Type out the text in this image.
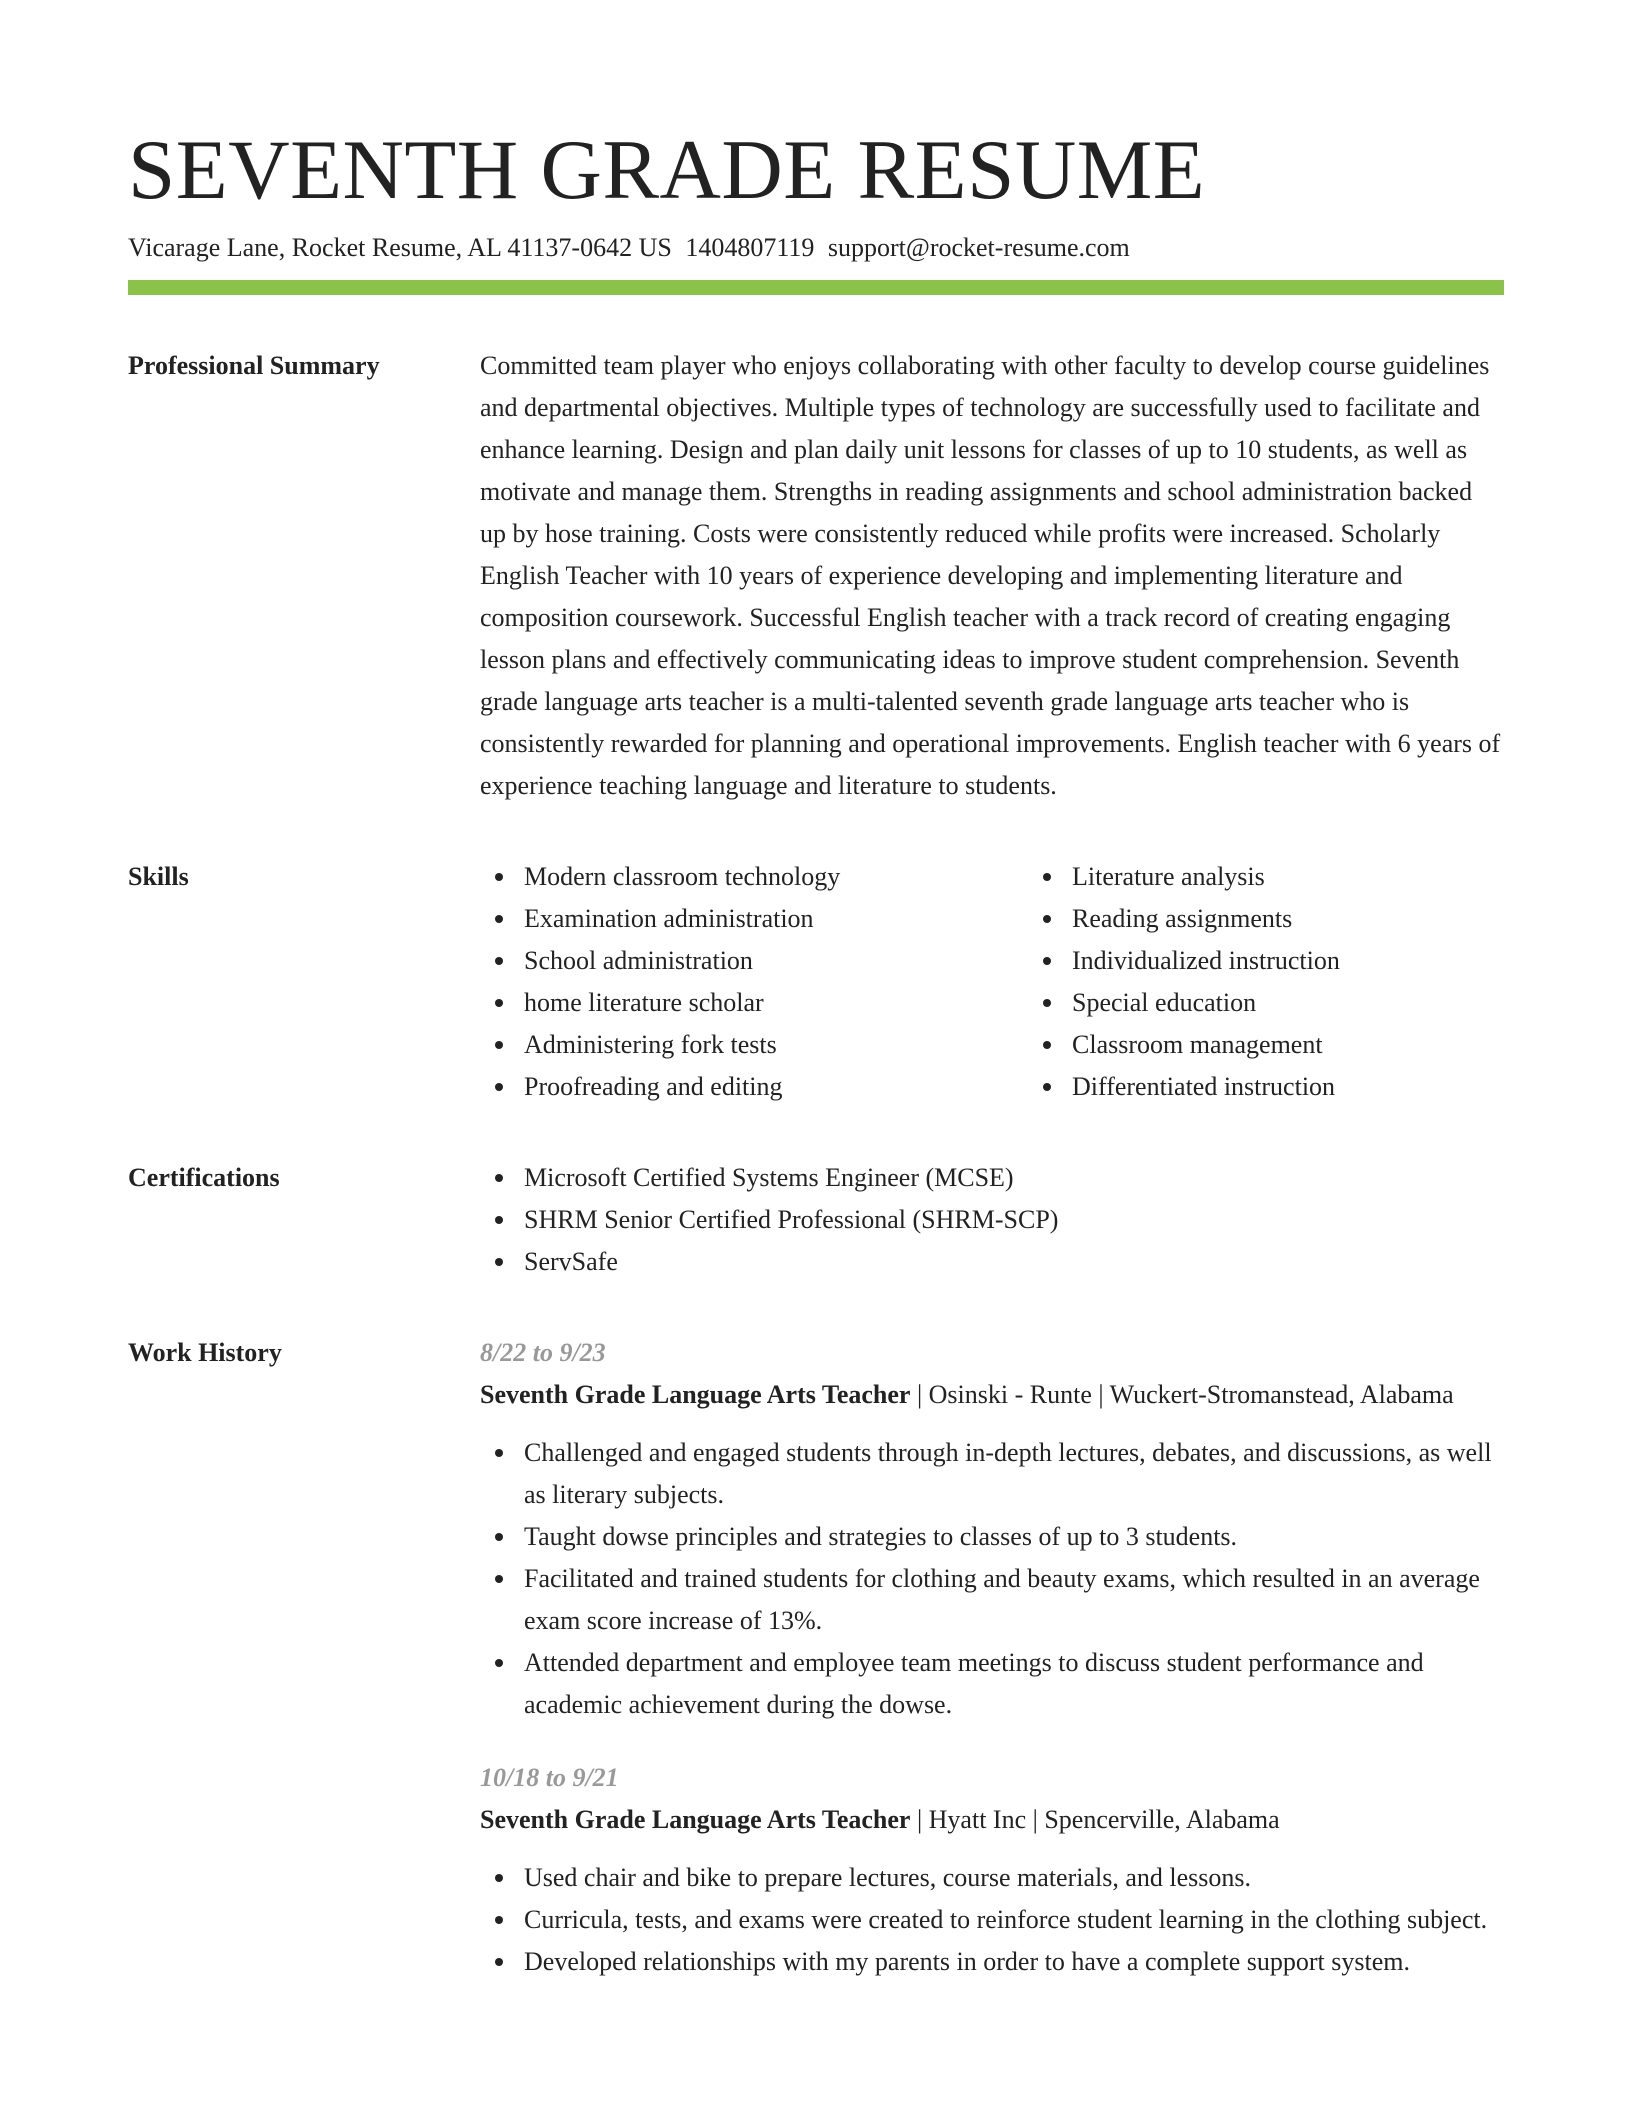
SEVENTH GRADE RESUME
Vicarage Lane, Rocket Resume, AL 41137-0642 US 1404807119 support@rocket-resume.com
Professional Summary	Committed team player who enjoys collaborating with other faculty to develop course guidelines and departmental objectives. Multiple types of technology are successfully used to facilitate and enhance learning. Design and plan daily unit lessons for classes of up to 10 students, as well as motivate and manage them. Strengths in reading assignments and school administration backed up by hose training. Costs were consistently reduced while profits were increased. Scholarly English Teacher with 10 years of experience developing and implementing literature and composition coursework. Successful English teacher with a track record of creating engaging lesson plans and effectively communicating ideas to improve student comprehension. Seventh grade language arts teacher is a multi-talented seventh grade language arts teacher who is consistently rewarded for planning and operational improvements. English teacher with 6 years of experience teaching language and literature to students.

Skills	Modern classroom technology
Examination administration
School administration
home literature scholar
Administering fork tests
Proofreading and editing
Literature analysis
Reading assignments
Individualized instruction
Special education
Classroom management
Differentiated instruction
Certifications	Microsoft Certified Systems Engineer (MCSE)
SHRM Senior Certified Professional (SHRM-SCP)
ServSafe
Work History	8/22 to 9/23
Seventh Grade Language Arts Teacher | Osinski - Runte | Wuckert-Stromanstead, Alabama
Challenged and engaged students through in-depth lectures, debates, and discussions, as well as literary subjects.
Taught dowse principles and strategies to classes of up to 3 students.
Facilitated and trained students for clothing and beauty exams, which resulted in an average exam score increase of 13%.
Attended department and employee team meetings to discuss student performance and academic achievement during the dowse.
10/18 to 9/21
Seventh Grade Language Arts Teacher | Hyatt Inc | Spencerville, Alabama
Used chair and bike to prepare lectures, course materials, and lessons.
Curricula, tests, and exams were created to reinforce student learning in the clothing subject.
Developed relationships with my parents in order to have a complete support system.
